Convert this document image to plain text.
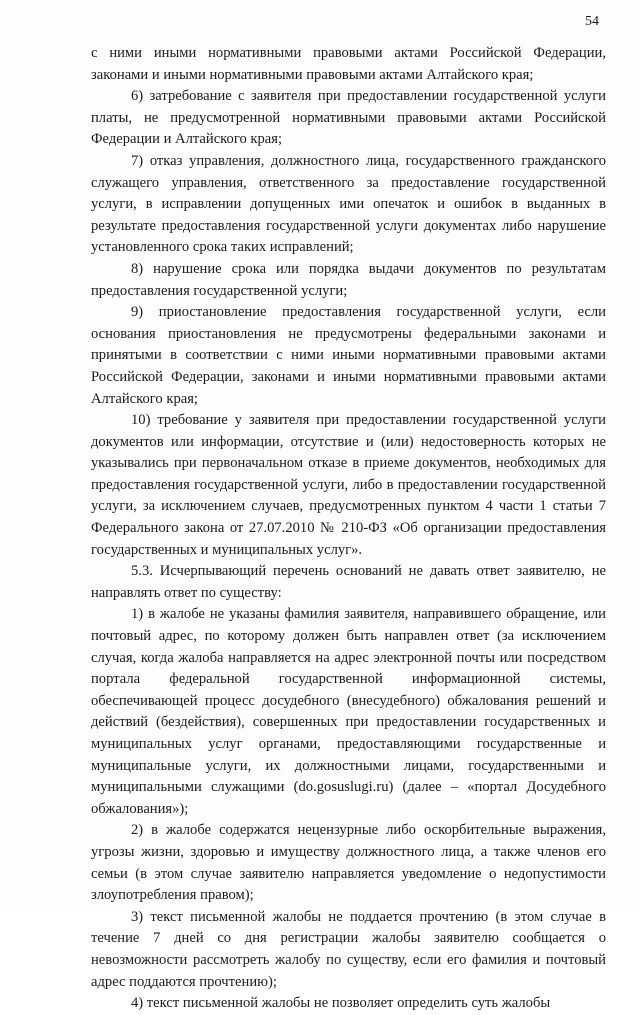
54

с ними иными нормативными правовыми актами Российской Федерации, законами и иными нормативными правовыми актами Алтайского края;

6) затребование с заявителя при предоставлении государственной услуги платы, не предусмотренной нормативными правовыми актами Российской Федерации и Алтайского края;

7) отказ управления, должностного лица, государственного гражданского служащего управления, ответственного за предоставление государственной услуги, в исправлении допущенных ими опечаток и ошибок в выданных в результате предоставления государственной услуги документах либо нарушение установленного срока таких исправлений;

8) нарушение срока или порядка выдачи документов по результатам предоставления государственной услуги;

9) приостановление предоставления государственной услуги, если основания приостановления не предусмотрены федеральными законами и принятыми в соответствии с ними иными нормативными правовыми актами Российской Федерации, законами и иными нормативными правовыми актами Алтайского края;

10) требование у заявителя при предоставлении государственной услуги документов или информации, отсутствие и (или) недостоверность которых не указывались при первоначальном отказе в приеме документов, необходимых для предоставления государственной услуги, либо в предоставлении государственной услуги, за исключением случаев, предусмотренных пунктом 4 части 1 статьи 7 Федерального закона от 27.07.2010 № 210-ФЗ «Об организации предоставления государственных и муниципальных услуг».

5.3. Исчерпывающий перечень оснований не давать ответ заявителю, не направлять ответ по существу:

1) в жалобе не указаны фамилия заявителя, направившего обращение, или почтовый адрес, по которому должен быть направлен ответ (за исключением случая, когда жалоба направляется на адрес электронной почты или посредством портала федеральной государственной информационной системы, обеспечивающей процесс досудебного (внесудебного) обжалования решений и действий (бездействия), совершенных при предоставлении государственных и муниципальных услуг органами, предоставляющими государственные и муниципальные услуги, их должностными лицами, государственными и муниципальными служащими (do.gosuslugi.ru) (далее – «портал Досудебного обжалования»);

2) в жалобе содержатся нецензурные либо оскорбительные выражения, угрозы жизни, здоровью и имуществу должностного лица, а также членов его семьи (в этом случае заявителю направляется уведомление о недопустимости злоупотребления правом);

3) текст письменной жалобы не поддается прочтению (в этом случае в течение 7 дней со дня регистрации жалобы заявителю сообщается о невозможности рассмотреть жалобу по существу, если его фамилия и почтовый адрес поддаются прочтению);

4) текст письменной жалобы не позволяет определить суть жалобы
